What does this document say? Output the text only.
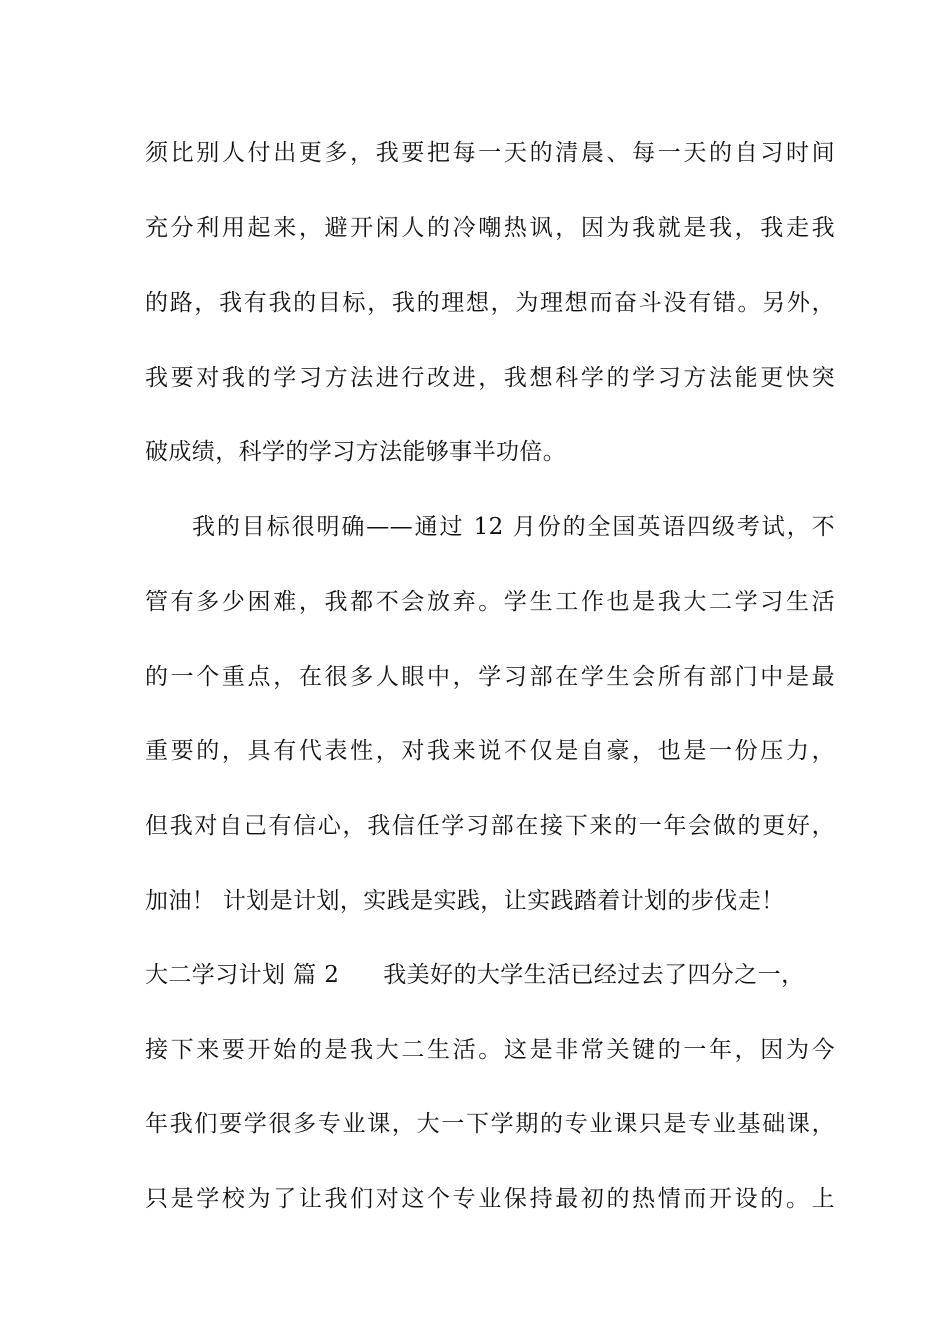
须比别人付出更多，我要把每一天的清晨、每一天的自习时间
充分利用起来，避开闲人的冷嘲热讽，因为我就是我，我走我
的路，我有我的目标，我的理想，为理想而奋斗没有错。另外，
我要对我的学习方法进行改进，我想科学的学习方法能更快突
破成绩，科学的学习方法能够事半功倍。
我的目标很明确——通过 12 月份的全国英语四级考试，不
管有多少困难，我都不会放弃。学生工作也是我大二学习生活
的一个重点，在很多人眼中，学习部在学生会所有部门中是最
重要的，具有代表性，对我来说不仅是自豪，也是一份压力，
但我对自己有信心，我信任学习部在接下来的一年会做的更好，
加油！ 计划是计划，实践是实践，让实践踏着计划的步伐走！
大二学习计划 篇 2 我美好的大学生活已经过去了四分之一，
接下来要开始的是我大二生活。这是非常关键的一年，因为今
年我们要学很多专业课，大一下学期的专业课只是专业基础课，
只是学校为了让我们对这个专业保持最初的热情而开设的。上
